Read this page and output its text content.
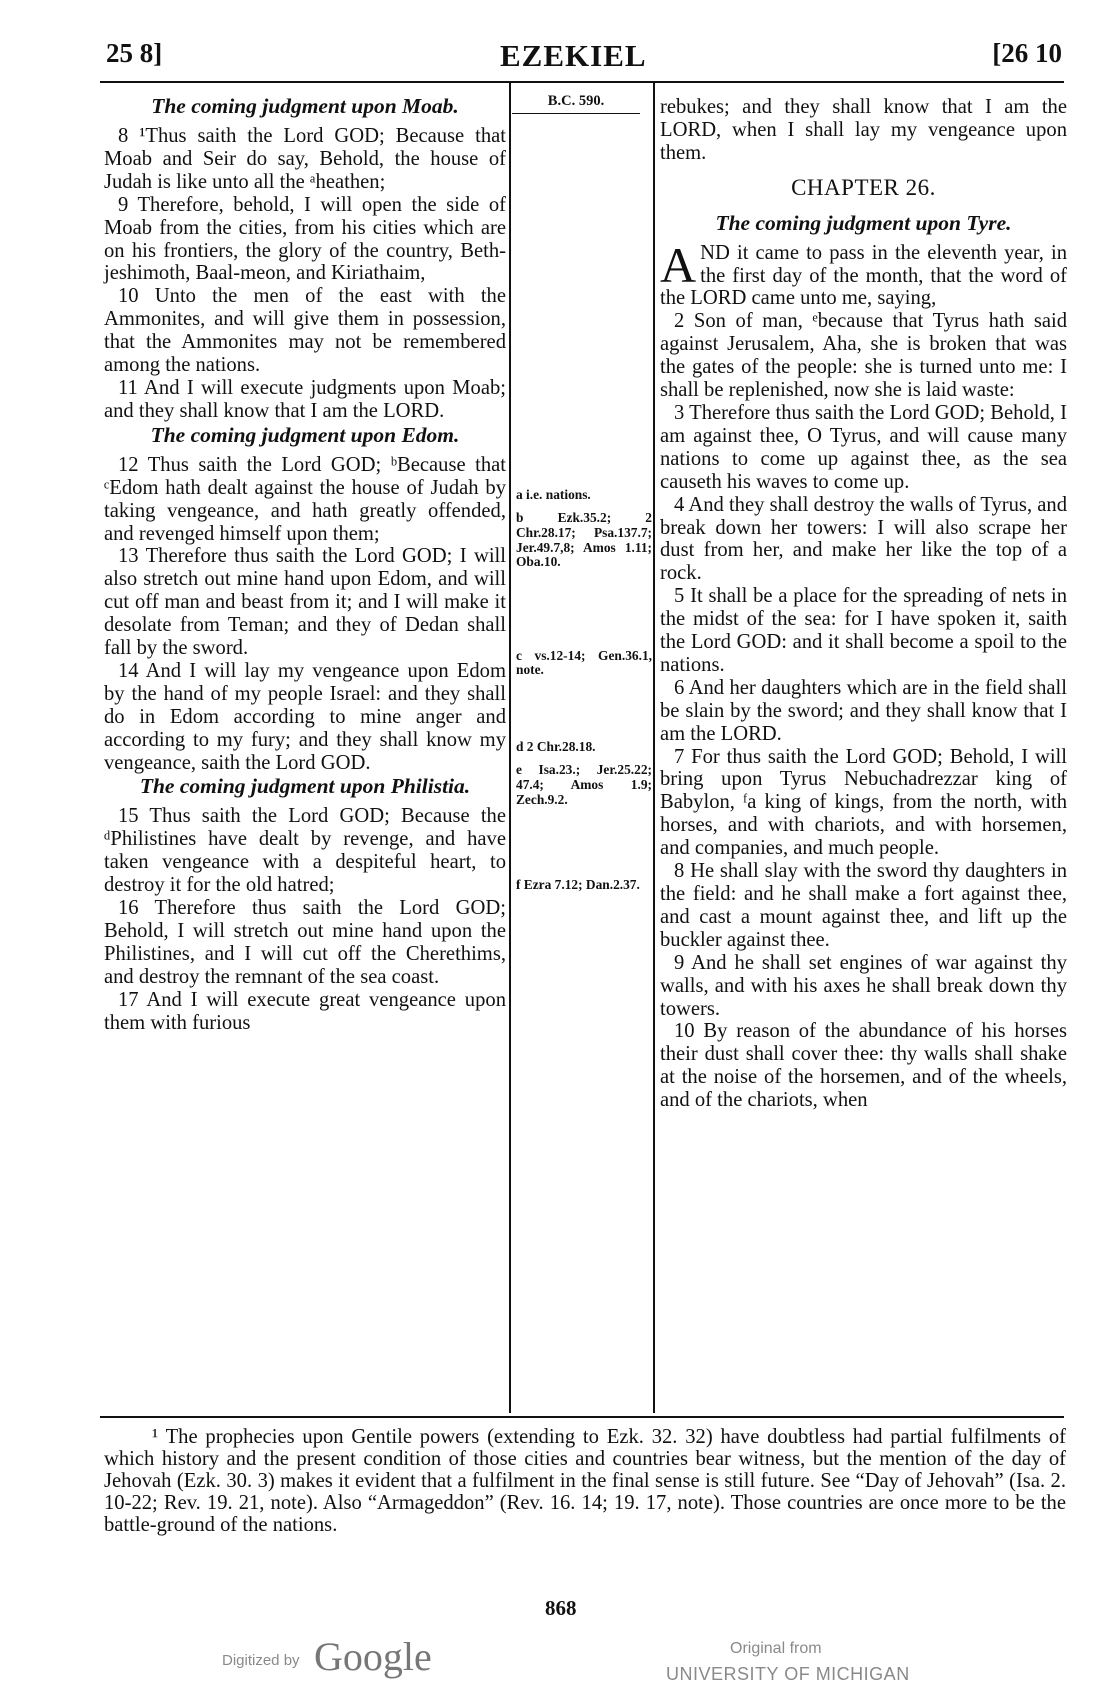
25 8]	EZEKIEL	[26 10
The coming judgment upon Moab.

8 ¹Thus saith the Lord GOD; Because that Moab and Seir do say, Behold, the house of Judah is like unto all the ᵃheathen;

9 Therefore, behold, I will open the side of Moab from the cities, from his cities which are on his frontiers, the glory of the country, Beth-jeshimoth, Baal-meon, and Kiriathaim,

10 Unto the men of the east with the Ammonites, and will give them in possession, that the Ammonites may not be remembered among the nations.

11 And I will execute judgments upon Moab; and they shall know that I am the LORD.

The coming judgment upon Edom.

12 Thus saith the Lord GOD; ᵇBecause that ᶜEdom hath dealt against the house of Judah by taking vengeance, and hath greatly offended, and revenged himself upon them;

13 Therefore thus saith the Lord GOD; I will also stretch out mine hand upon Edom, and will cut off man and beast from it; and I will make it desolate from Teman; and they of Dedan shall fall by the sword.

14 And I will lay my vengeance upon Edom by the hand of my people Israel: and they shall do in Edom according to mine anger and according to my fury; and they shall know my vengeance, saith the Lord GOD.

The coming judgment upon Philistia.

15 Thus saith the Lord GOD; Because the ᵈPhilistines have dealt by revenge, and have taken vengeance with a despiteful heart, to destroy it for the old hatred;

16 Therefore thus saith the Lord GOD; Behold, I will stretch out mine hand upon the Philistines, and I will cut off the Cherethims, and destroy the remnant of the sea coast.

17 And I will execute great vengeance upon them with furious

B.C. 590.
a i.e. nations.
b Ezk.35.2; 2 Chr.28.17; Psa.137.7; Jer.49.7,8; Amos 1.11; Oba.10.
c vs.12-14; Gen.36.1, note.
d 2 Chr.28.18.
e Isa.23.; Jer.25.22; 47.4; Amos 1.9; Zech.9.2.
f Ezra 7.12; Dan.2.37.

rebukes; and they shall know that I am the LORD, when I shall lay my vengeance upon them.

CHAPTER 26.
The coming judgment upon Tyre.

AND it came to pass in the eleventh year, in the first day of the month, that the word of the LORD came unto me, saying,

2 Son of man, ᵉbecause that Tyrus hath said against Jerusalem, Aha, she is broken that was the gates of the people: she is turned unto me: I shall be replenished, now she is laid waste:

3 Therefore thus saith the Lord GOD; Behold, I am against thee, O Tyrus, and will cause many nations to come up against thee, as the sea causeth his waves to come up.

4 And they shall destroy the walls of Tyrus, and break down her towers: I will also scrape her dust from her, and make her like the top of a rock.

5 It shall be a place for the spreading of nets in the midst of the sea: for I have spoken it, saith the Lord GOD: and it shall become a spoil to the nations.

6 And her daughters which are in the field shall be slain by the sword; and they shall know that I am the LORD.

7 For thus saith the Lord GOD; Behold, I will bring upon Tyrus Nebuchadrezzar king of Babylon, ᶠa king of kings, from the north, with horses, and with chariots, and with horsemen, and companies, and much people.

8 He shall slay with the sword thy daughters in the field: and he shall make a fort against thee, and cast a mount against thee, and lift up the buckler against thee.

9 And he shall set engines of war against thy walls, and with his axes he shall break down thy towers.

10 By reason of the abundance of his horses their dust shall cover thee: thy walls shall shake at the noise of the horsemen, and of the wheels, and of the chariots, when

¹ The prophecies upon Gentile powers (extending to Ezk. 32. 32) have doubtless had partial fulfilments of which history and the present condition of those cities and countries bear witness, but the mention of the day of Jehovah (Ezk. 30. 3) makes it evident that a fulfilment in the final sense is still future. See “Day of Jehovah” (Isa. 2. 10-22; Rev. 19. 21, note). Also “Armageddon” (Rev. 16. 14; 19. 17, note). Those countries are once more to be the battle-ground of the nations.

868
Digitized by Google	Original from
UNIVERSITY OF MICHIGAN
